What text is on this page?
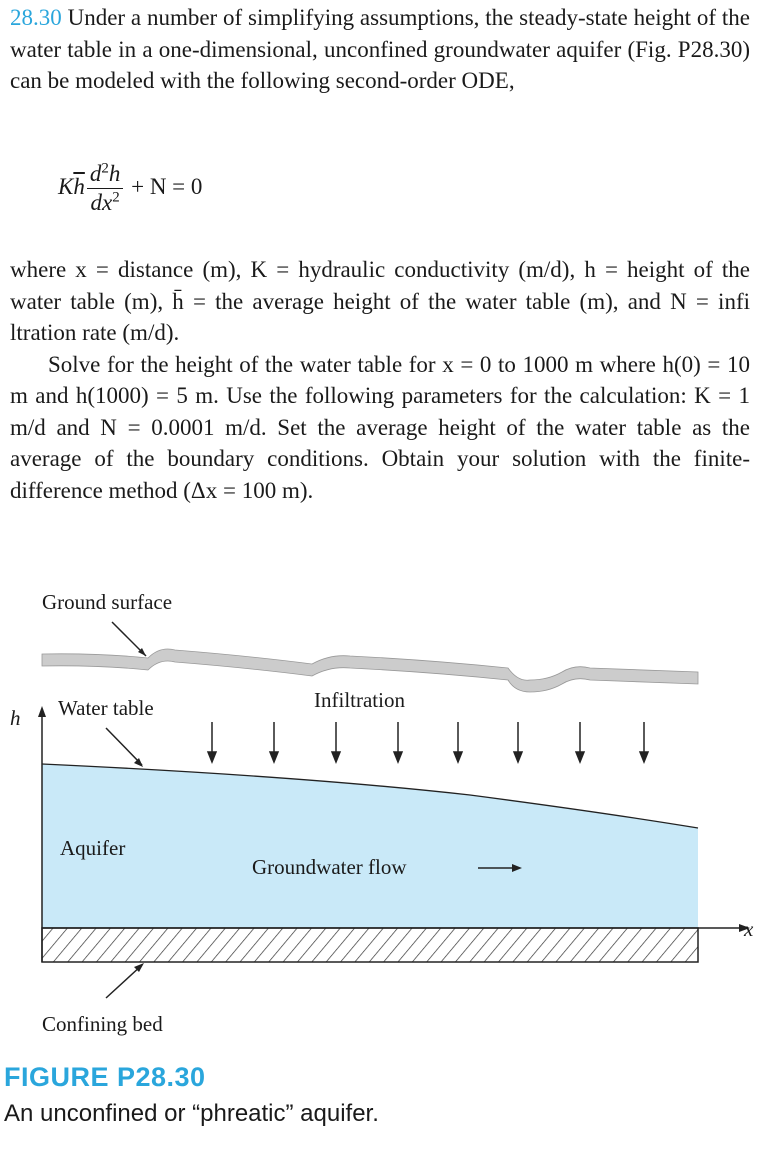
28.30 Under a number of simplifying assumptions, the steady-state height of the water table in a one-dimensional, unconfined groundwater aquifer (Fig. P28.30) can be modeled with the following second-order ODE,

$K\overline{h} \frac{d^2h}{dx^2} + N = 0$

where x = distance (m), K = hydraulic conductivity (m/d), h = height of the water table (m), h̄ = the average height of the water table (m), and N = infi ltration rate (m/d).

Solve for the height of the water table for x = 0 to 1000 m where h(0) = 10 m and h(1000) = 5 m. Use the following parameters for the calculation: K = 1 m/d and N = 0.0001 m/d. Set the average height of the water table as the average of the boundary conditions. Obtain your solution with the finite-difference method (Δx = 100 m).

Ground surface
Water table	Infiltration
h
Aquifer
Groundwater flow
x
Confining bed
FIGURE P28.30
An unconfined or “phreatic” aquifer.
